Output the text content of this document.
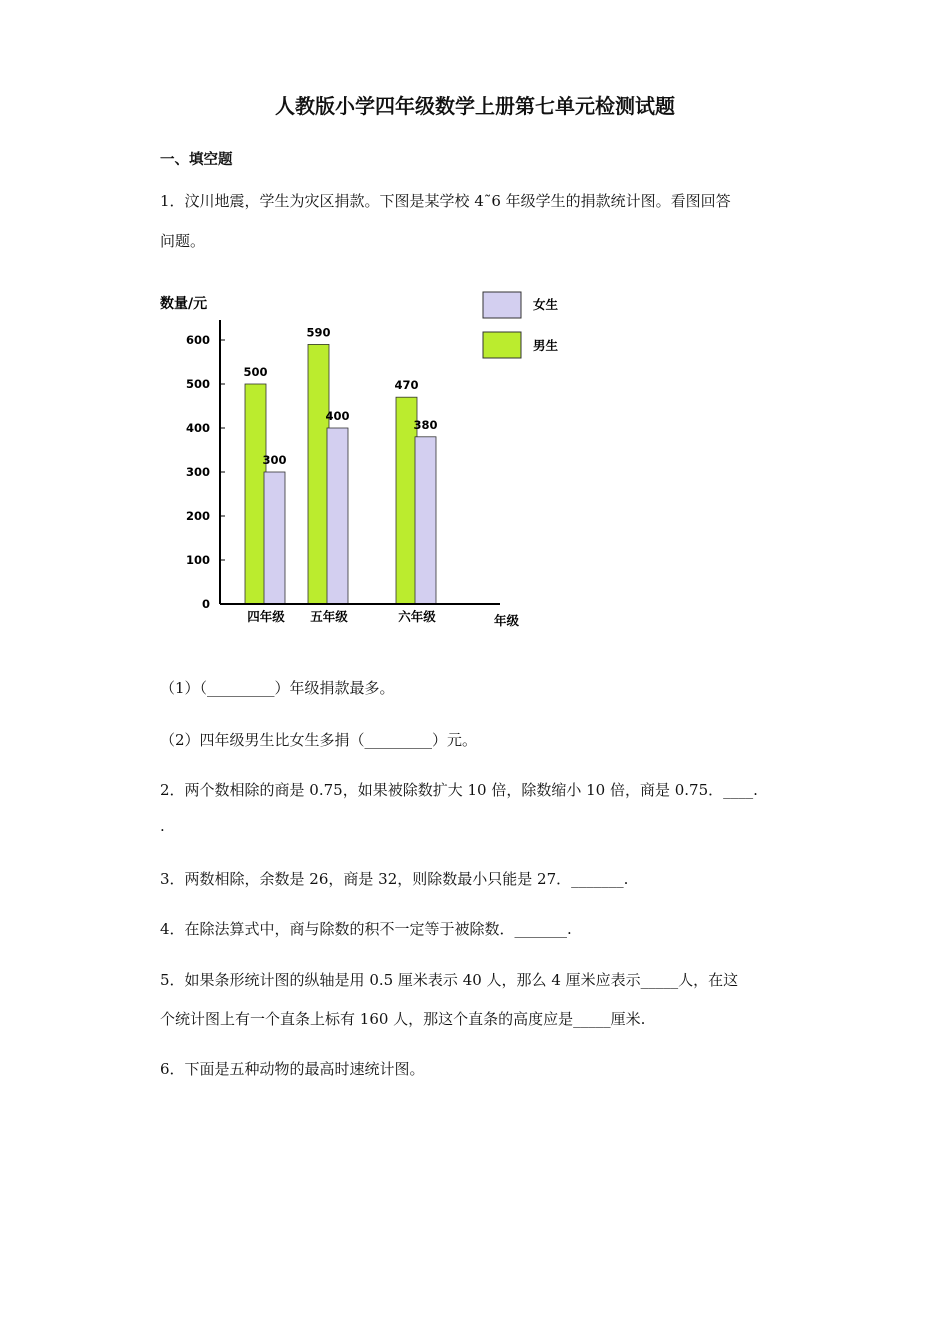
人教版小学四年级数学上册第七单元检测试题
一、填空题

1．汶川地震，学生为灾区捐款。下图是某学校 4˜6 年级学生的捐款统计图。看图回答

问题。

数量/元
年级
0
100
200
300
400
500
600
500
300
590
400
470
380
四年级 五年级	六年级
女生
男生

（1）（_________）年级捐款最多。

（2）四年级男生比女生多捐（_________）元。

2．两个数相除的商是 0.75，如果被除数扩大 10 倍，除数缩小 10 倍，商是 0.75．____.

.

3．两数相除，余数是 26，商是 32，则除数最小只能是 27．_______.

4．在除法算式中，商与除数的积不一定等于被除数．_______.

5．如果条形统计图的纵轴是用 0.5 厘米表示 40 人，那么 4 厘米应表示_____人，在这

个统计图上有一个直条上标有 160 人，那这个直条的高度应是_____厘米.

6．下面是五种动物的最高时速统计图。
